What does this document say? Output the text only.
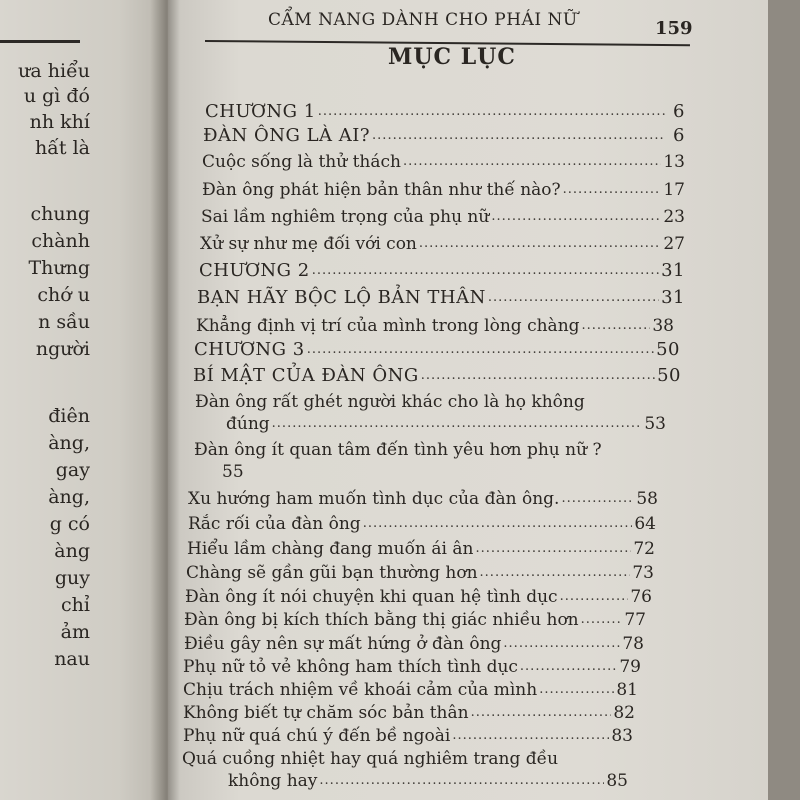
ưa hiểu
u gì đó
nh khí
hất là
chung
chành
Thưng
chớ u
n sầu
người
điên
àng,
gay
àng,
g có
àng
guy
chỉ
ảm
nau
CẨM NANG DÀNH CHO PHÁI NỮ	159
MỤC LỤC
CHƯƠNG 1 .....	6
ĐÀN ÔNG LÀ AI? .....	6
Cuộc sống là thử thách .....	13
Đàn ông phát hiện bản thân như thế nào? .....	17
Sai lầm nghiêm trọng của phụ nữ .....	23
Xử sự như mẹ đối với con .....	27
CHƯƠNG 2 .....	31
BẠN HÃY BỘC LỘ BẢN THÂN .....	31
Khẳng định vị trí của mình trong lòng chàng .....	38
CHƯƠNG 3 .....	50
BÍ MẬT CỦA ĐÀN ÔNG .....	50
Đàn ông rất ghét người khác cho là họ không
đúng .....	53
Đàn ông ít quan tâm đến tình yêu hơn phụ nữ ?
55
Xu hướng ham muốn tình dục của đàn ông. .....	58
Rắc rối của đàn ông .....	64
Hiểu lầm chàng đang muốn ái ân .....	72
Chàng sẽ gần gũi bạn thường hơn .....	73
Đàn ông ít nói chuyện khi quan hệ tình dục .....	76
Đàn ông bị kích thích bằng thị giác nhiều hơn .....	77
Điều gây nên sự mất hứng ở đàn ông .....	78
Phụ nữ tỏ vẻ không ham thích tình dục .....	79
Chịu trách nhiệm về khoái cảm của mình .....	81
Không biết tự chăm sóc bản thân .....	82
Phụ nữ quá chú ý đến bề ngoài .....	83
Quá cuồng nhiệt hay quá nghiêm trang đều
không hay .....	85
